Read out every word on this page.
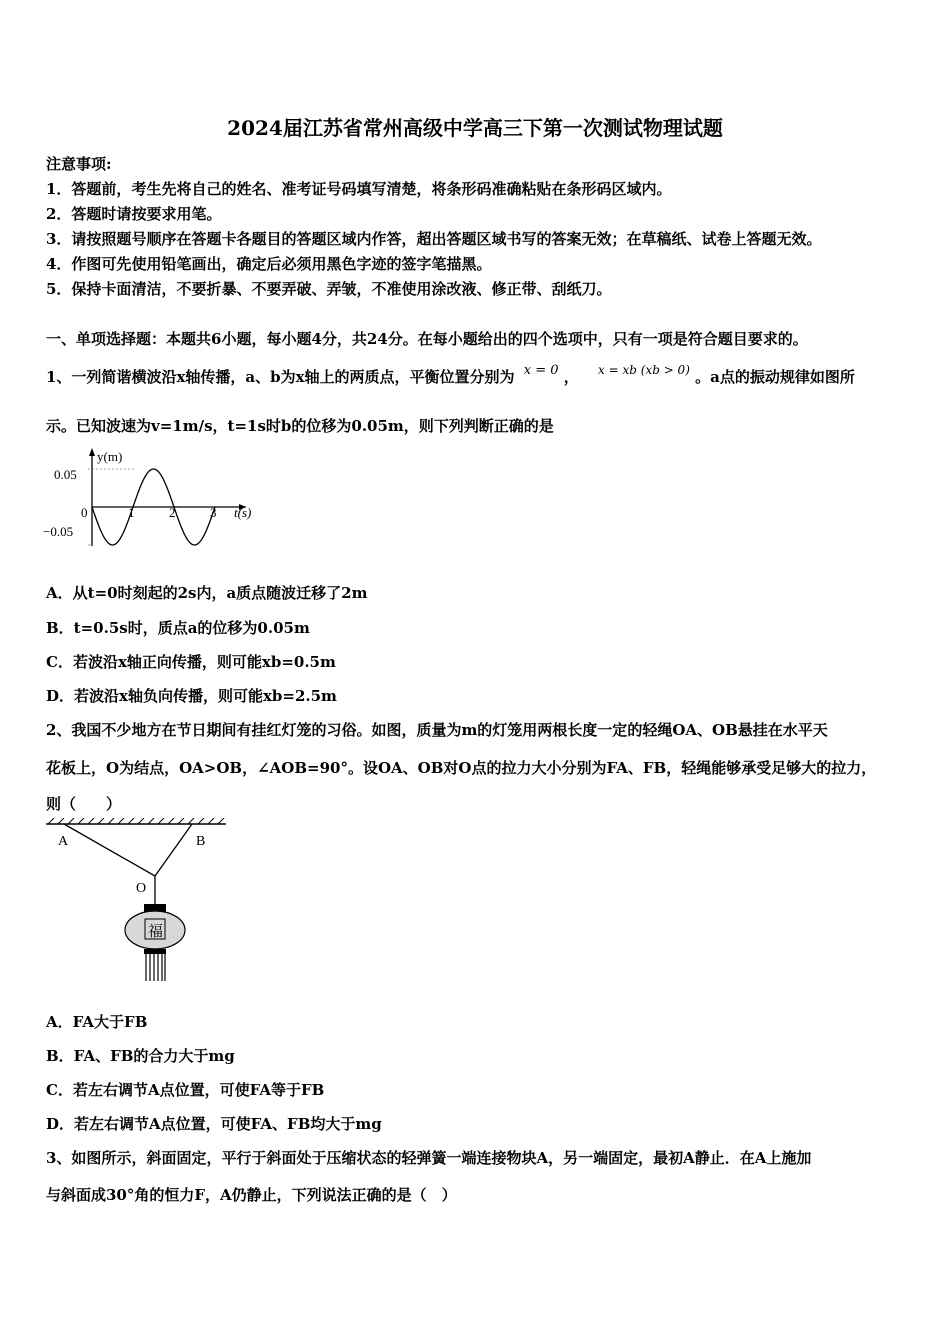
2024届江苏省常州高级中学高三下第一次测试物理试题
注意事项:
1．答题前，考生先将自己的姓名、准考证号码填写清楚，将条形码准确粘贴在条形码区域内。
2．答题时请按要求用笔。
3．请按照题号顺序在答题卡各题目的答题区域内作答，超出答题区域书写的答案无效；在草稿纸、试卷上答题无效。
4．作图可先使用铅笔画出，确定后必须用黑色字迹的签字笔描黑。
5．保持卡面清洁，不要折暴、不要弄破、弄皱，不准使用涂改液、修正带、刮纸刀。
一、单项选择题：本题共6小题，每小题4分，共24分。在每小题给出的四个选项中，只有一项是符合题目要求的。
1、一列简谐横波沿x轴传播，a、b为x轴上的两质点，平衡位置分别为 x = 0 ， $^{x = xb (xb > 0)}$ 。a点的振动规律如图所
示。已知波速为v=1m/s，t=1s时b的位移为0.05m，则下列判断正确的是
y(m)
t(s)
0.05
−0.05
0	1	2	3
A．从t=0时刻起的2s内，a质点随波迁移了2m
B．t=0.5s时，质点a的位移为0.05m
C．若波沿x轴正向传播，则可能xb=0.5m
D．若波沿x轴负向传播，则可能xb=2.5m
2、我国不少地方在节日期间有挂红灯笼的习俗。如图，质量为m的灯笼用两根长度一定的轻绳OA、OB悬挂在水平天
花板上，O为结点，OA>OB，∠AOB=90°。设OA、OB对O点的拉力大小分别为FA、FB，轻绳能够承受足够大的拉力，
则（　　）
A	B
O
福
A．FA大于FB
B．FA、FB的合力大于mg
C．若左右调节A点位置，可使FA等于FB
D．若左右调节A点位置，可使FA、FB均大于mg
3、如图所示，斜面固定，平行于斜面处于压缩状态的轻弹簧一端连接物块A，另一端固定，最初A静止．在A上施加
与斜面成30°角的恒力F，A仍静止，下列说法正确的是（　）
